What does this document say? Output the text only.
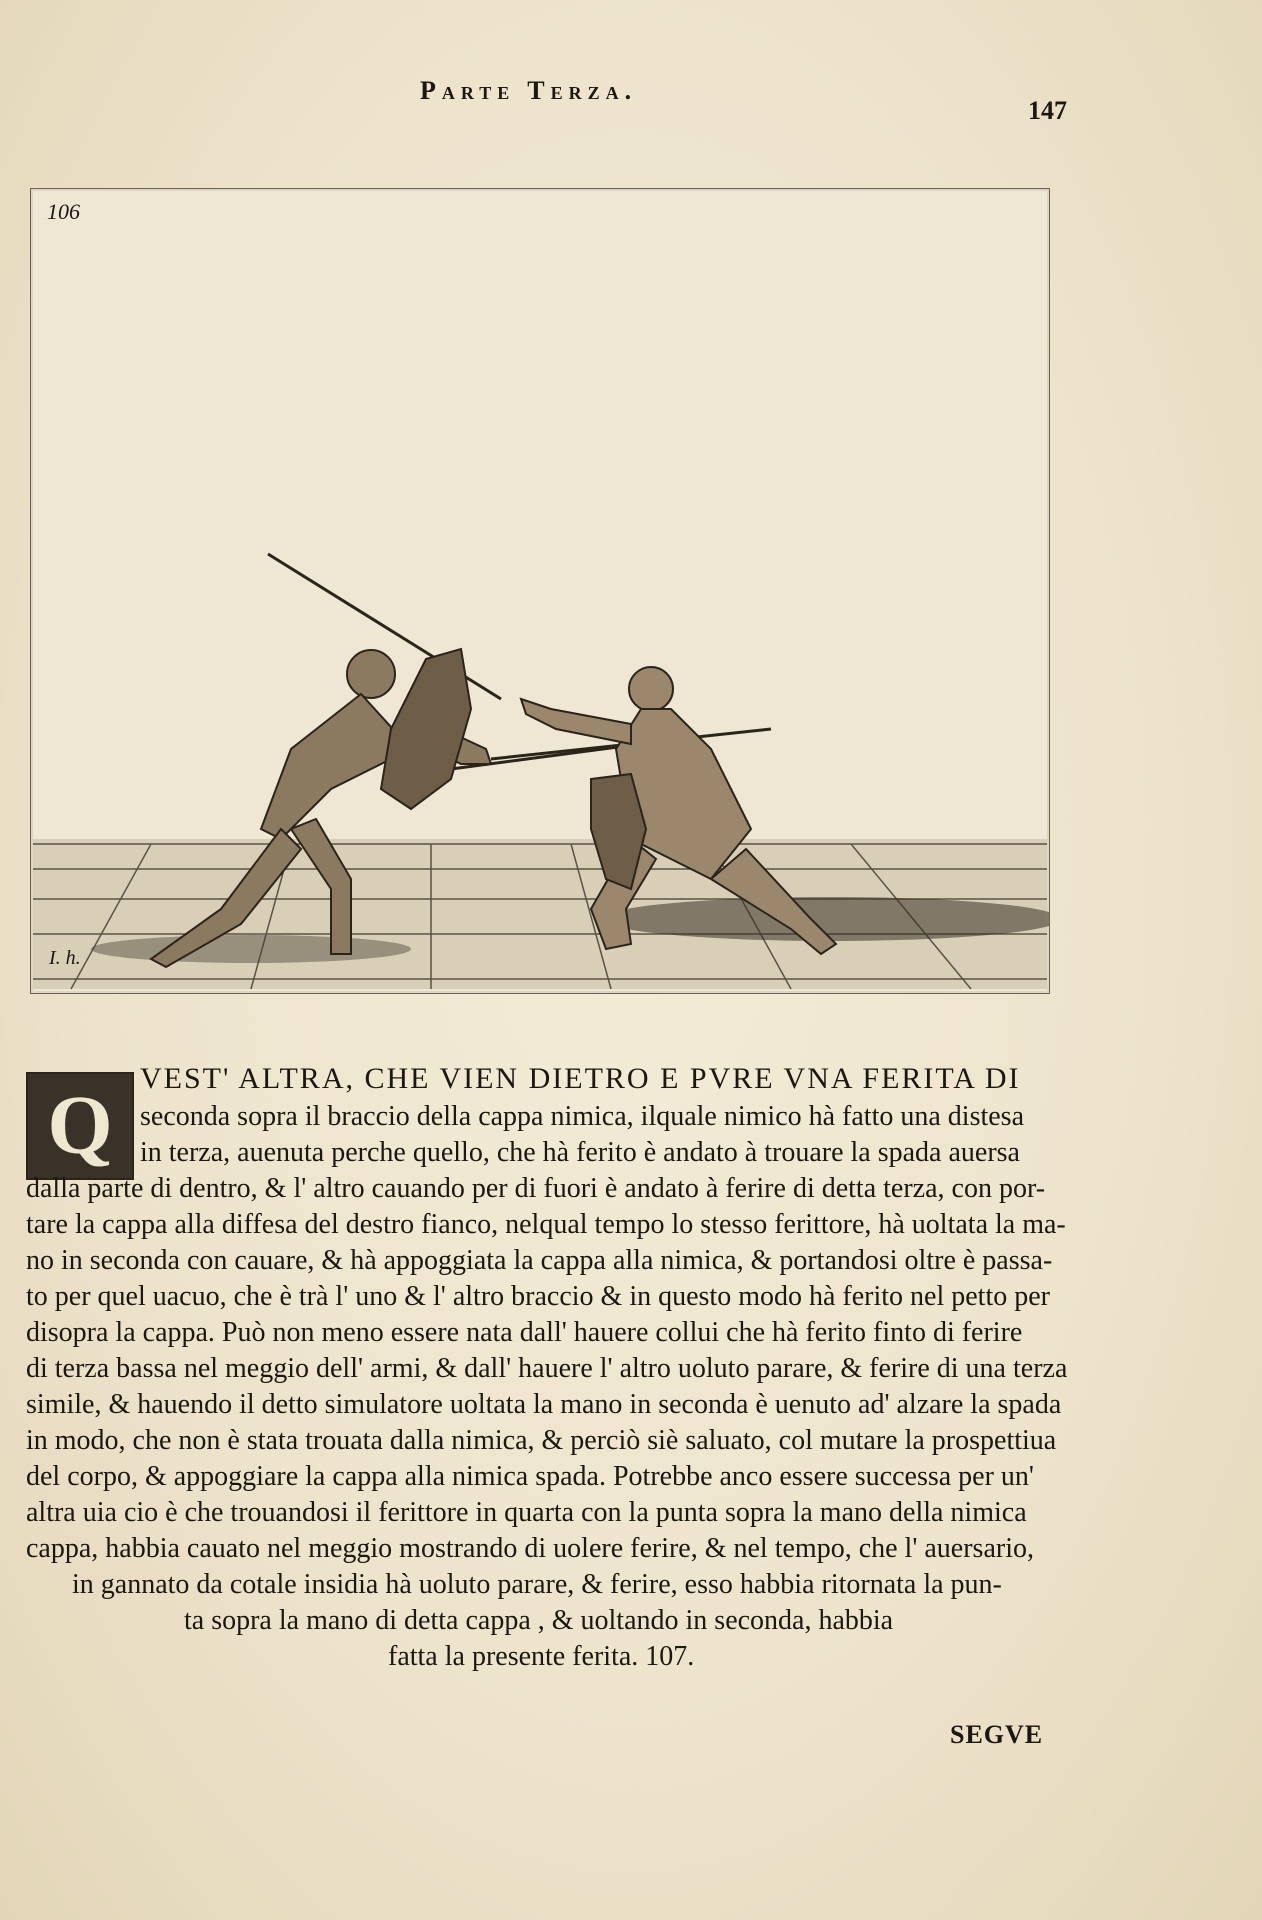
Parte Terza.
147
106
I. h.
Q
VEST' ALTRA, CHE VIEN DIETRO E PVRE VNA FERITA DI
seconda sopra il braccio della cappa nimica, ilquale nimico hà fatto una distesa
in terza, auenuta perche quello, che hà ferito è andato à trouare la spada auersa
dalla parte di dentro, & l' altro cauando per di fuori è andato à ferire di detta terza, con por-
tare la cappa alla diffesa del destro fianco, nelqual tempo lo stesso ferittore, hà uoltata la ma-
no in seconda con cauare, & hà appoggiata la cappa alla nimica, & portandosi oltre è passa-
to per quel uacuo, che è trà l' uno & l' altro braccio & in questo modo hà ferito nel petto per
disopra la cappa. Può non meno essere nata dall' hauere collui che hà ferito finto di ferire
di terza bassa nel meggio dell' armi, & dall' hauere l' altro uoluto parare, & ferire di una terza
simile, & hauendo il detto simulatore uoltata la mano in seconda è uenuto ad' alzare la spada
in modo, che non è stata trouata dalla nimica, & perciò siè saluato, col mutare la prospettiua
del corpo, & appoggiare la cappa alla nimica spada. Potrebbe anco essere successa per un'
altra uia cio è che trouandosi il ferittore in quarta con la punta sopra la mano della nimica
cappa, habbia cauato nel meggio mostrando di uolere ferire, & nel tempo, che l' auersario,
in gannato da cotale insidia hà uoluto parare, & ferire, esso habbia ritornata la pun-
ta sopra la mano di detta cappa , & uoltando in seconda, habbia
fatta la presente ferita. 107.
SEGVE
